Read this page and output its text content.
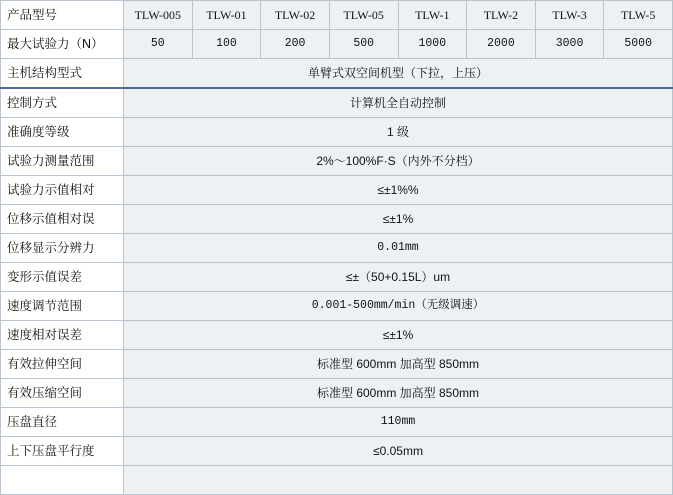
产品型号	TLW-005	TLW-01	TLW-02	TLW-05	TLW-1	TLW-2	TLW-3	TLW-5
最大试验力（N）	50	100	200	500	1000	2000	3000	5000
主机结构型式	单臂式双空间机型（下拉，上压）							
控制方式	计算机全自动控制							
准确度等级	1 级							
试验力测量范围	2%～100%F·S（内外不分档）							
试验力示值相对	≤±1%%							
位移示值相对误	≤±1%							
位移显示分辨力	0.01mm							
变形示值误差	≤±（50+0.15L）um							
速度调节范围	0.001-500mm/min（无级调速）							
速度相对误差	≤±1%							
有效拉伸空间	标准型 600mm 加高型 850mm							
有效压缩空间	标准型 600mm 加高型 850mm							
压盘直径	110mm							
上下压盘平行度	≤0.05mm							
